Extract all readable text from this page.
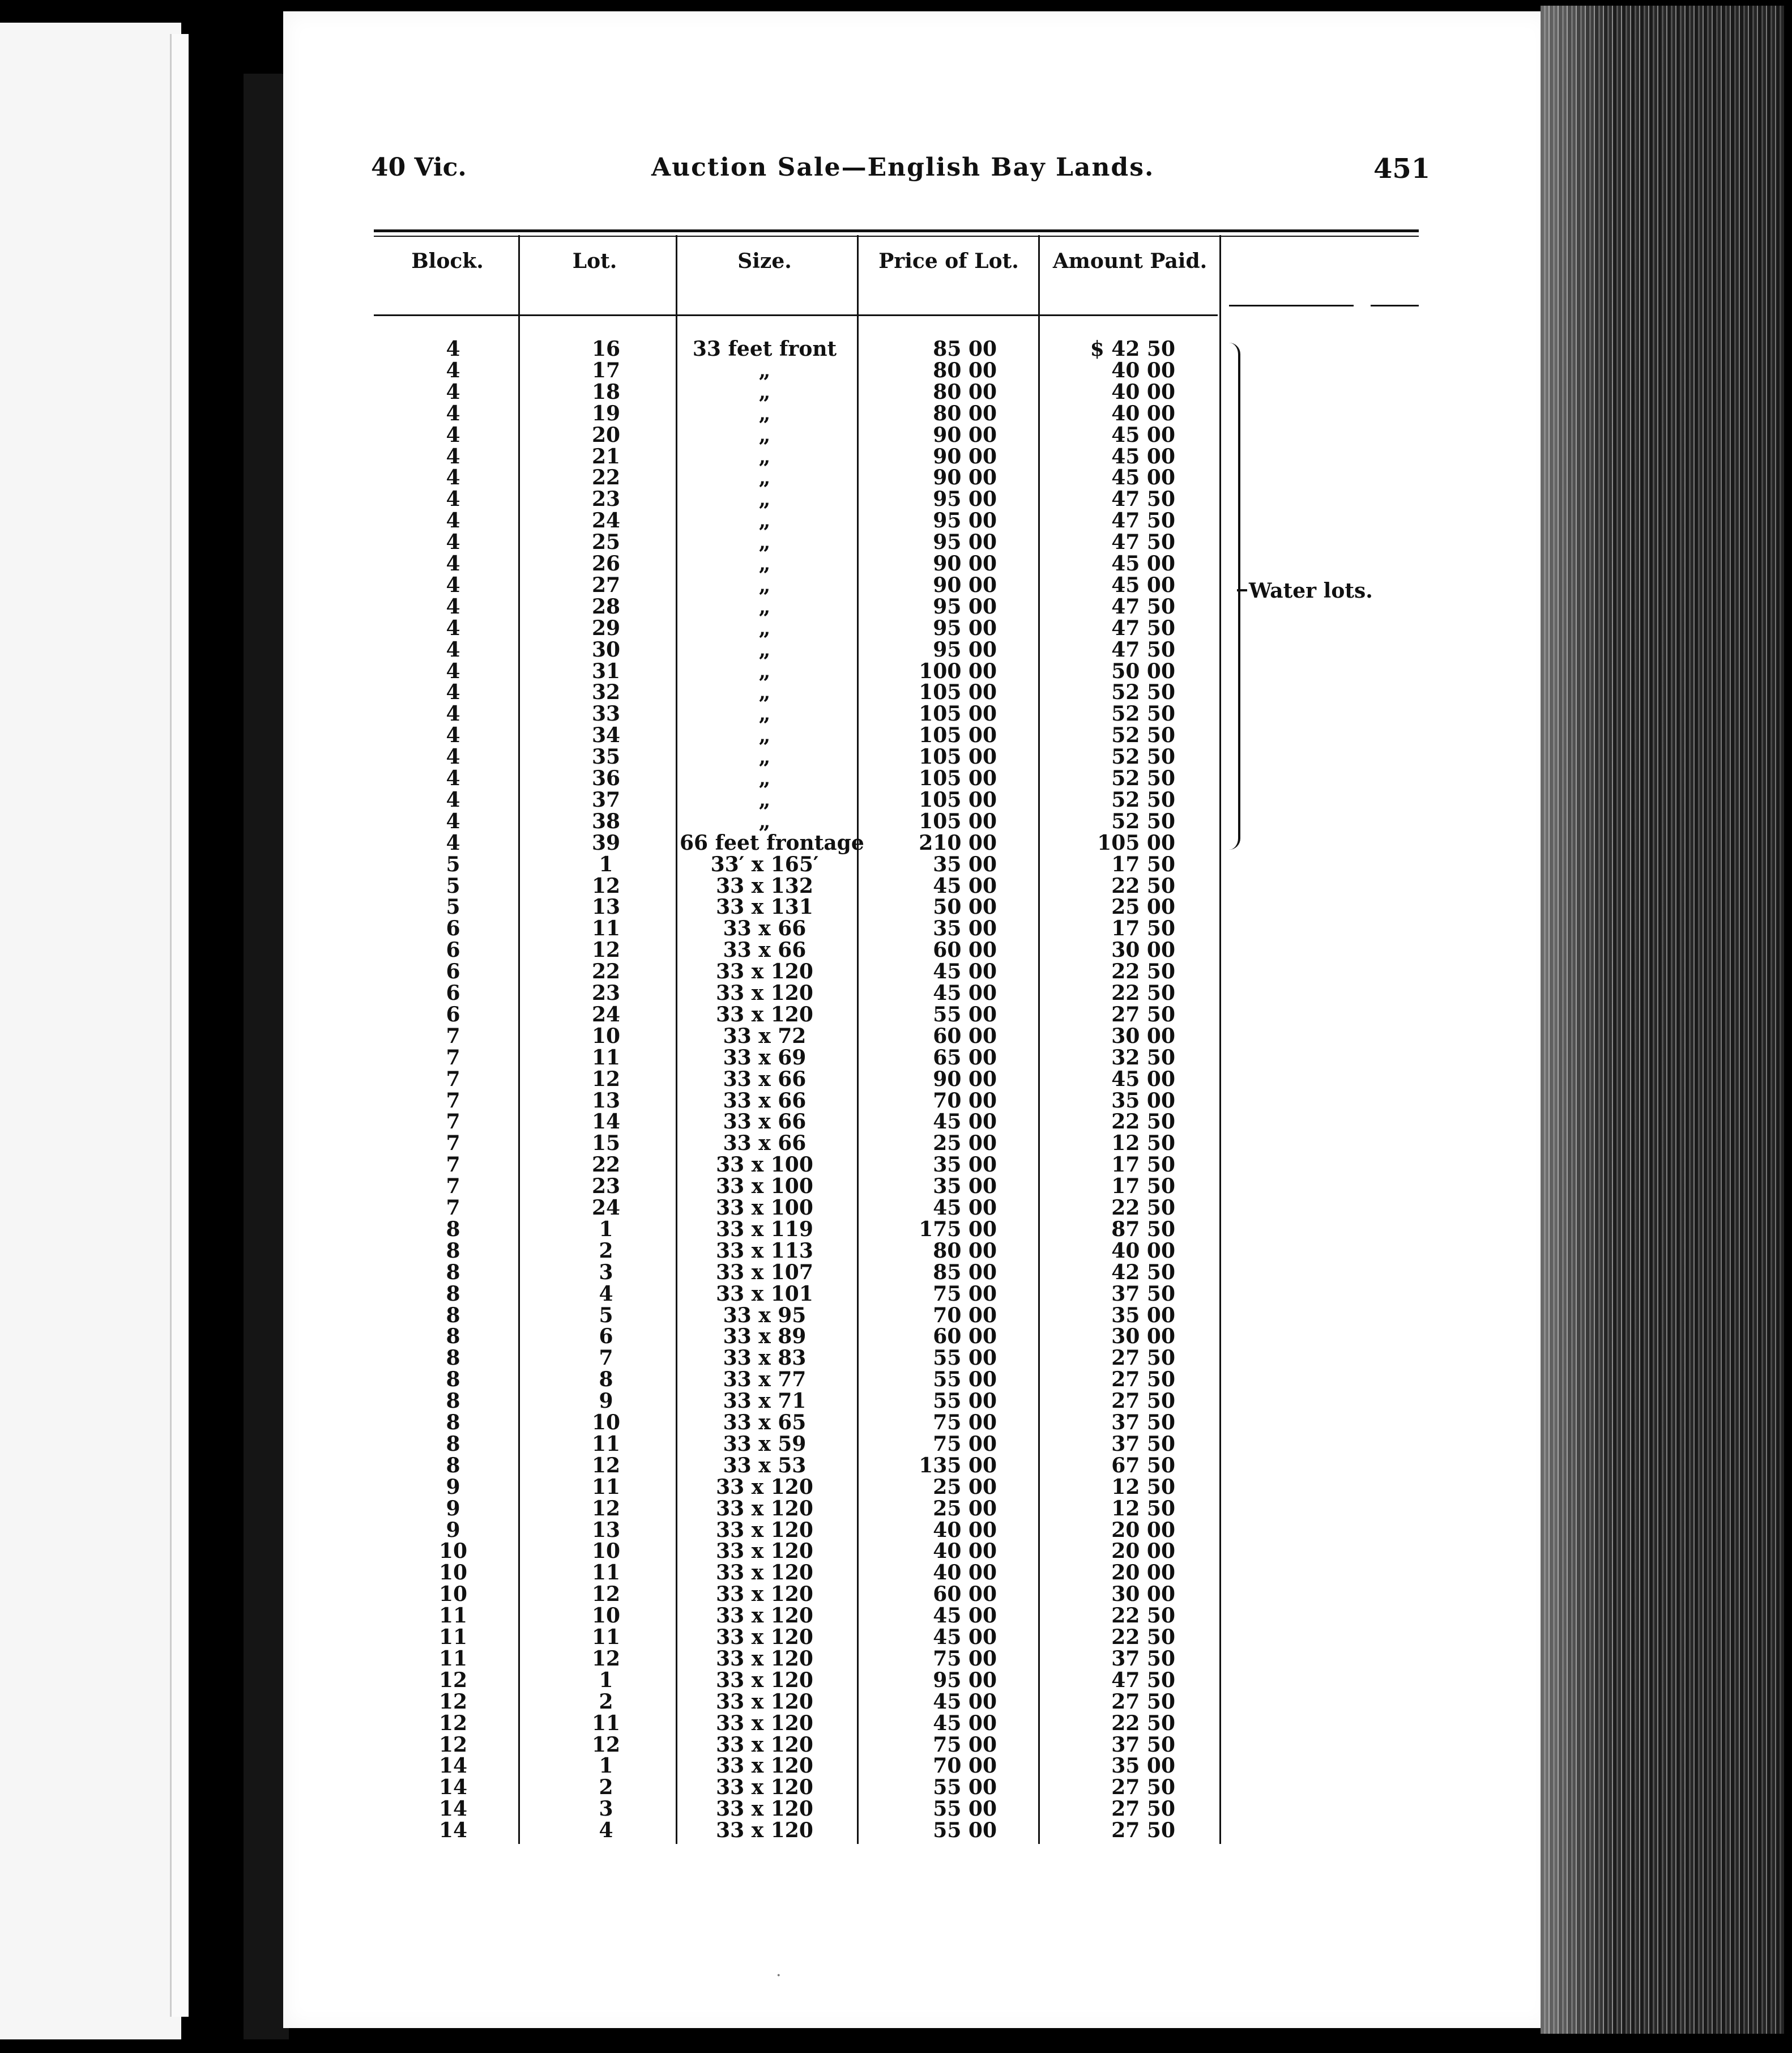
40 Vic.	Auction Sale—English Bay Lands.	451
Block.	Lot.	Size.	Price of Lot.	Amount Paid.
4	16	33 feet front	85 00	$ 42 50
4	17	„	80 00	40 00
4	18	„	80 00	40 00
4	19	„	80 00	40 00
4	20	„	90 00	45 00
4	21	„	90 00	45 00
4	22	„	90 00	45 00
4	23	„	95 00	47 50
4	24	„	95 00	47 50
4	25	„	95 00	47 50
4	26	„	90 00	45 00
4	27	„	90 00	45 00
4	28	„	95 00	47 50
4	29	„	95 00	47 50
4	30	„	95 00	47 50
4	31	„	100 00	50 00
4	32	„	105 00	52 50
4	33	„	105 00	52 50
4	34	„	105 00	52 50
4	35	„	105 00	52 50
4	36	„	105 00	52 50
4	37	„	105 00	52 50
4	38	„	105 00	52 50
4	39	66 feet frontage	210 00	105 00
5	1	33′ x 165′	35 00	17 50
5	12	33 x 132	45 00	22 50
5	13	33 x 131	50 00	25 00
6	11	33 x 66	35 00	17 50
6	12	33 x 66	60 00	30 00
6	22	33 x 120	45 00	22 50
6	23	33 x 120	45 00	22 50
6	24	33 x 120	55 00	27 50
7	10	33 x 72	60 00	30 00
7	11	33 x 69	65 00	32 50
7	12	33 x 66	90 00	45 00
7	13	33 x 66	70 00	35 00
7	14	33 x 66	45 00	22 50
7	15	33 x 66	25 00	12 50
7	22	33 x 100	35 00	17 50
7	23	33 x 100	35 00	17 50
7	24	33 x 100	45 00	22 50
8	1	33 x 119	175 00	87 50
8	2	33 x 113	80 00	40 00
8	3	33 x 107	85 00	42 50
8	4	33 x 101	75 00	37 50
8	5	33 x 95	70 00	35 00
8	6	33 x 89	60 00	30 00
8	7	33 x 83	55 00	27 50
8	8	33 x 77	55 00	27 50
8	9	33 x 71	55 00	27 50
8	10	33 x 65	75 00	37 50
8	11	33 x 59	75 00	37 50
8	12	33 x 53	135 00	67 50
9	11	33 x 120	25 00	12 50
9	12	33 x 120	25 00	12 50
9	13	33 x 120	40 00	20 00
10	10	33 x 120	40 00	20 00
10	11	33 x 120	40 00	20 00
10	12	33 x 120	60 00	30 00
11	10	33 x 120	45 00	22 50
11	11	33 x 120	45 00	22 50
11	12	33 x 120	75 00	37 50
12	1	33 x 120	95 00	47 50
12	2	33 x 120	45 00	27 50
12	11	33 x 120	45 00	22 50
12	12	33 x 120	75 00	37 50
14	1	33 x 120	70 00	35 00
14	2	33 x 120	55 00	27 50
14	3	33 x 120	55 00	27 50
14	4	33 x 120	55 00	27 50
Water lots.
·
